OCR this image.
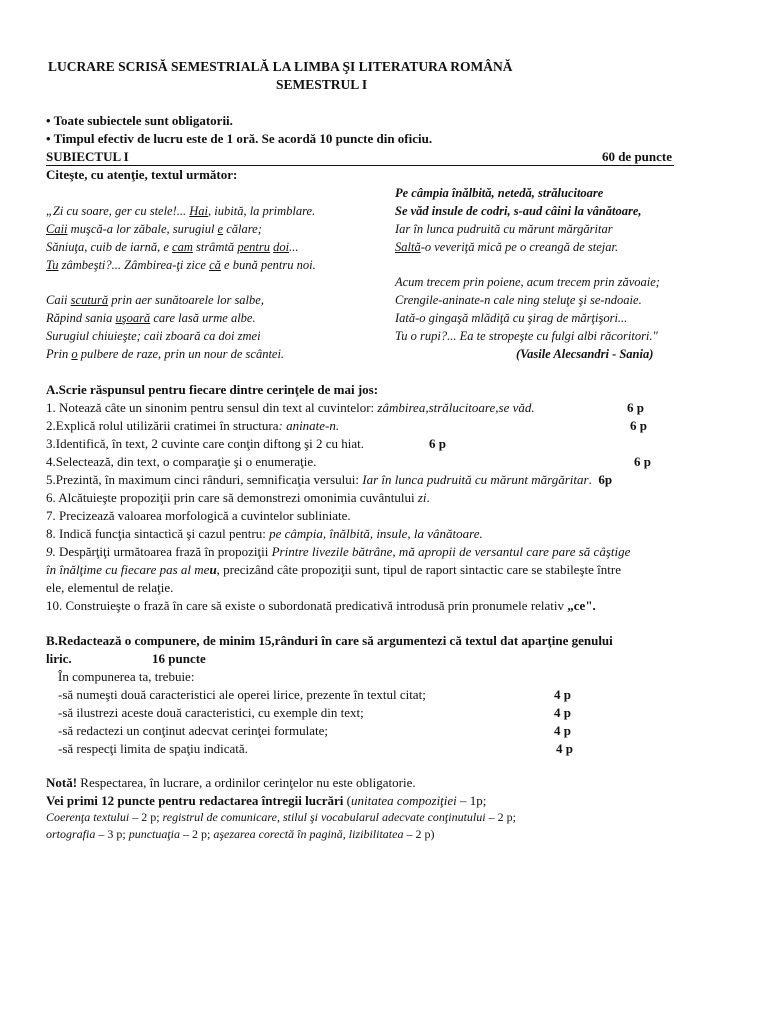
LUCRARE SCRISĂ SEMESTRIALĂ LA LIMBA ŞI LITERATURA ROMÂNĂ
SEMESTRUL I
• Toate subiectele sunt obligatorii.
• Timpul efectiv de lucru este de 1 oră. Se acordă 10 puncte din oficiu.
SUBIECTUL I	60 de puncte
Citeşte, cu atenţie, textul următor:
„Zi cu soare, ger cu stele!... Hai, iubită, la primblare.
Caii muşcă-a lor zăbale, surugiul e călare;
Săniuţa, cuib de iarnă, e cam strâmtă pentru doi...
Tu zâmbeşti?... Zâmbirea-ţi zice că e bună pentru noi.
Caii scutură prin aer sunătoarele lor salbe,
Răpind sania uşoară care lasă urme albe.
Surugiul chiuieşte; caii zboară ca doi zmei
Prin o pulbere de raze, prin un nour de scântei.
Pe câmpia înălbită, netedă, strălucitoare
Se văd insule de codri, s-aud câini la vânătoare,
Iar în lunca pudruită cu mărunt mărgăritar
Saltă-o veveriţă mică pe o creangă de stejar.
Acum trecem prin poiene, acum trecem prin zăvoaie;
Crengile-aninate-n cale ning steluţe şi se-ndoaie.
Iată-o gingaşă mlădiţă cu şirag de mărţişori...
Tu o rupi?... Ea te stropeşte cu fulgi albi răcoritori."
(Vasile Alecsandri - Sania)
A.Scrie răspunsul pentru fiecare dintre cerinţele de mai jos:
1. Notează câte un sinonim pentru sensul din text al cuvintelor: zâmbirea,strălucitoare,se văd.	6 p
2.Explică rolul utilizării cratimei în structura: aninate-n.	6 p
3.Identifică, în text, 2 cuvinte care conţin diftong şi 2 cu hiat.	6 p
4.Selectează, din text, o comparaţie şi o enumeraţie.	6 p
5.Prezintă, în maximum cinci rânduri, semnificaţia versului: Iar în lunca pudruită cu mărunt mărgăritar.  6p
6. Alcătuieşte propoziţii prin care să demonstrezi omonimia cuvântului zi.
7. Precizează valoarea morfologică a cuvintelor subliniate.
8. Indică funcţia sintactică şi cazul pentru: pe câmpia, înălbită, insule, la vânătoare.
9. Despărţiţi următoarea frază în propoziţii Printre livezile bătrâne, mă apropii de versantul care pare să câştige
în înălţime cu fiecare pas al meu, precizând câte propoziţii sunt, tipul de raport sintactic care se stabileşte între
ele, elementul de relaţie.
10. Construieşte o frază în care să existe o subordonată predicativă introdusă prin pronumele relativ „ce".
B.Redactează o compunere, de minim 15,rânduri în care să argumentezi că textul dat aparţine genului
liric.	16 puncte
În compunerea ta, trebuie:
-să numeşti două caracteristici ale operei lirice, prezente în textul citat;	4 p
-să ilustrezi aceste două caracteristici, cu exemple din text;	4 p
-să redactezi un conţinut adecvat cerinţei formulate;	4 p
-să respecţi limita de spaţiu indicată.	4 p
Notă! Respectarea, în lucrare, a ordinilor cerinţelor nu este obligatorie.
Vei primi 12 puncte pentru redactarea întregii lucrări (unitatea compoziţiei – 1p;
Coerenţa textului – 2 p; registrul de comunicare, stilul şi vocabularul adecvate conţinutului – 2 p;
ortografia – 3 p; punctuaţia – 2 p; aşezarea corectă în pagină, lizibilitatea – 2 p)
